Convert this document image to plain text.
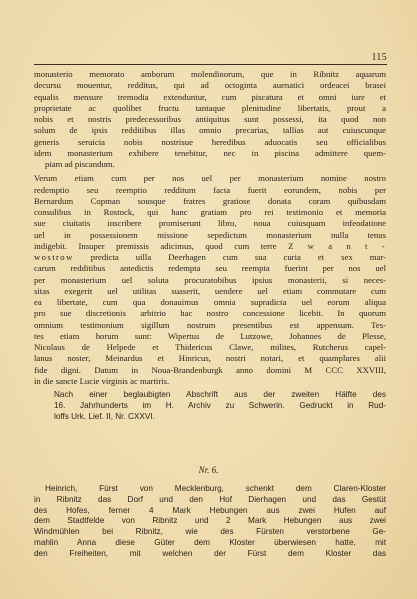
115
monasterio memorato amborum molendinorum, que in Ribnitz aquarum
decursu mouentur, redditus, qui ad octoginta auenatici ordeacei brasei
equalis mensure tremodia extenduntur, cum piscatura et omni iure et
proprietate ac quolibet fructu tantaque plenitudine libertatis, prout a
nobis et nostris predecessoribus antiquitus sunt possessi, ita quod non
solum de ipsis redditibus illas omnio precarias, tallias aut cuiuscunque
generis seruicia nobis nostrisue heredibus aduocatis seu officialibus
idem monasterium exhibere tenebitur, nec in piscina admittere quem-
piam ad piscandum.
Verum etiam cum per nos uel per monasterium nomine nostro
redemptio seu reemptio redditum facta fuerit eorundem, nobis per
Bernardum Copman sousque fratres gratiose donata coram quibusdam
consulibus in Rostock, qui hanc gratiam pro rei testimonio et memoria
sue ciuitatis inscribere promiserunt libro, noua cuiusquam infeodatione
uel in possessionem missione sepedictum monasterium nulla tenus
indigebit. Insuper premissis adicimus, quod cum terre Z w a n t -
wostrow predicta uilla Deerhagen cum sua curia et sex mar-
carum redditibus antedictis redempta seu reempta fuerint per nos uel
per monasterium uel soluta procuratobibus ipsius monasterii, si neces-
sitas exegerit uel utilitas suaserit, uendere uel etiam commutare cum
ea libertate, cum qua donauimus omnia supradicta uel eorum aliqua
pro sue discretionis arbitrio hac nostro concessione licebit. In quorum
omnium testimonium sigillum nostrum presentibus est appensum. Tes-
tes etiam horum sunt: Wipertus de Lutzowe, Johannes de Plesse,
Nicolaus de Helpede et Thidericus Clawe, milites, Rutcherus capel-
lanus noster, Meinardus et Hinricus, nostri notari, et quamplures alii
fide digni. Datum in Noua-Brandenburgk anno domini M CCC XXVIII,
in die sancte Lucie virginis ac martiris.
Nach einer beglaubigten Abschrift aus der zweiten Hälfte des
16. Jahrhunderts im H. Archiv zu Schwerin. Gedruckt in Rud-
loffs Urk. Lief. II, Nr. CXXVI.
Nr. 6.
Heinrich, Fürst von Mecklenburg, schenkt dem Claren-Kloster
in Ribnitz das Dorf und den Hof Dierhagen und das Gestüt
des Hofes, ferner 4 Mark Hebungen aus zwei Hufen auf
dem Stadtfelde von Ribnitz und 2 Mark Hebungen aus zwei
Windmühlen bei Ribnitz, wie des Fürsten verstorbene Ge-
mahlin Anna diese Güter dem Kloster überwiesen hatte, mit
den Freiheiten, mit welchen der Fürst dem Kloster das
